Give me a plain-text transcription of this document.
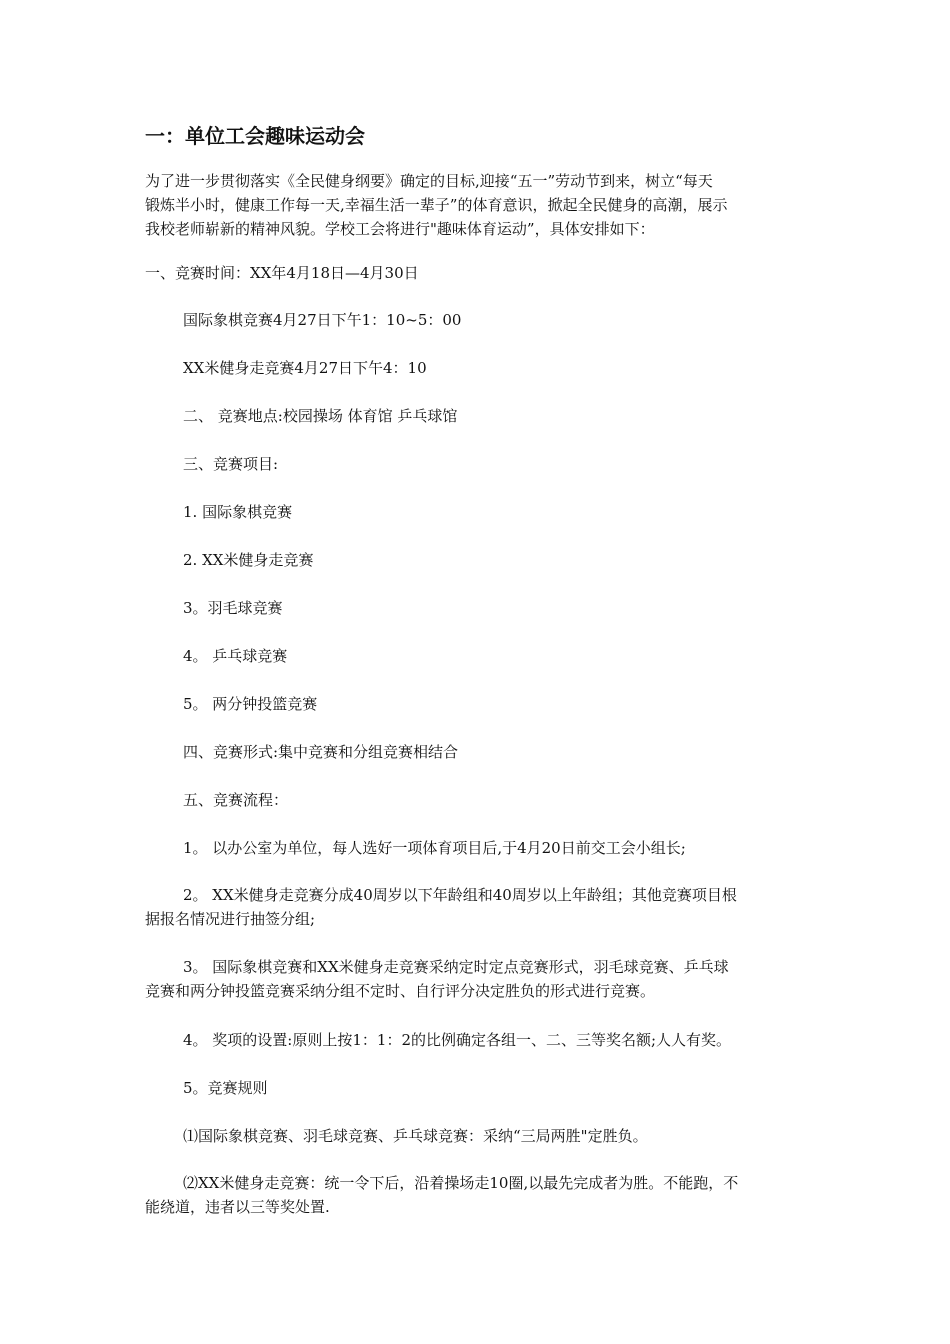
一：单位工会趣味运动会
为了进一步贯彻落实《全民健身纲要》确定的目标,迎接“五一”劳动节到来，树立“每天
锻炼半小时，健康工作每一天,幸福生活一辈子”的体育意识，掀起全民健身的高潮，展示
我校老师崭新的精神风貌。学校工会将进行"趣味体育运动”，具体安排如下：
一、竞赛时间：XX年4月18日—4月30日
国际象棋竞赛4月27日下午1：10~5：00
XX米健身走竞赛4月27日下午4：10
二、 竞赛地点:校园操场 体育馆 乒乓球馆
三、竞赛项目:
1. 国际象棋竞赛
2. XX米健身走竞赛
3。羽毛球竞赛
4。 乒乓球竞赛
5。 两分钟投篮竞赛
四、竞赛形式:集中竞赛和分组竞赛相结合
五、竞赛流程：
1。 以办公室为单位，每人选好一项体育项目后,于4月20日前交工会小组长;
2。 XX米健身走竞赛分成40周岁以下年龄组和40周岁以上年龄组；其他竞赛项目根
据报名情况进行抽签分组;
3。 国际象棋竞赛和XX米健身走竞赛采纳定时定点竞赛形式，羽毛球竞赛、乒乓球
竞赛和两分钟投篮竞赛采纳分组不定时、自行评分决定胜负的形式进行竞赛。
4。 奖项的设置:原则上按1：1：2的比例确定各组一、二、三等奖名额;人人有奖。
5。竞赛规则
⑴国际象棋竞赛、羽毛球竞赛、乒乓球竞赛：采纳“三局两胜"定胜负。
⑵XX米健身走竞赛：统一令下后，沿着操场走10圈,以最先完成者为胜。不能跑，不
能绕道，违者以三等奖处置.
